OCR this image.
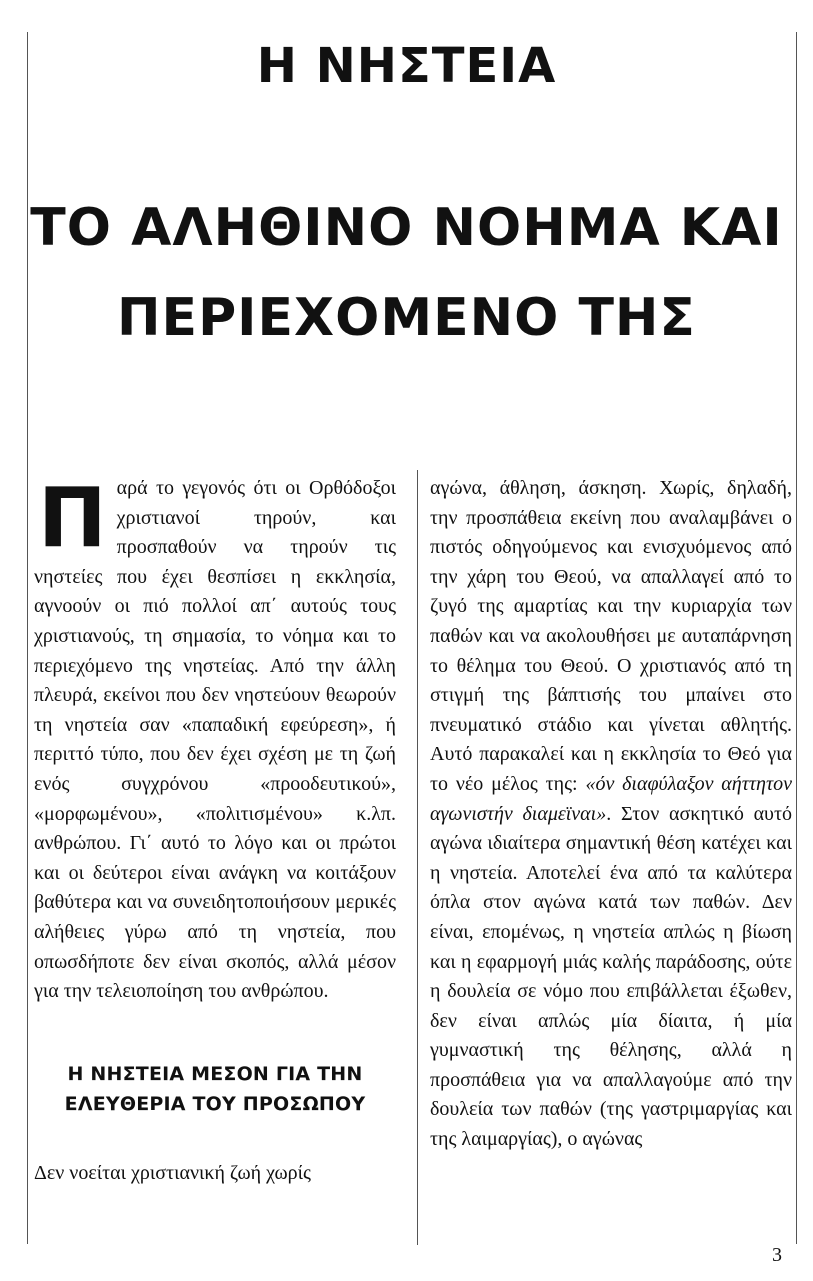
Η ΝΗΣΤΕΙΑ
ΤΟ ΑΛΗΘΙΝΟ ΝΟΗΜΑ ΚΑΙ
ΠΕΡΙΕΧΟΜΕΝΟ ΤΗΣ

Παρά το γεγονός ότι οι Ορθόδοξοι χριστιανοί τηρούν, και προσπαθούν να τηρούν τις νηστείες που έχει θεσπίσει η εκκλησία, αγνοούν οι πιό πολλοί απ΄ αυτούς τους χριστιανούς, τη σημασία, το νόημα και το περιεχόμενο της νηστείας. Από την άλλη πλευρά, εκείνοι που δεν νηστεύουν θεωρούν τη νηστεία σαν «παπαδική εφεύρεση», ή περιττό τύπο, που δεν έχει σχέση με τη ζωή ενός συγχρόνου «προοδευτικού», «μορφωμένου», «πολιτισμένου» κ.λπ. ανθρώπου. Γι΄ αυτό το λόγο και οι πρώτοι και οι δεύτεροι είναι ανάγκη να κοιτάξουν βαθύτερα και να συνειδητοποιήσουν μερικές αλήθειες γύρω από τη νηστεία, που οπωσδήποτε δεν είναι σκοπός, αλλά μέσον για την τελειοποίηση του ανθρώπου.

Η ΝΗΣΤΕΙΑ ΜΕΣΟΝ ΓΙΑ ΤΗΝ
ΕΛΕΥΘΕΡΙΑ ΤΟΥ ΠΡΟΣΩΠΟΥ

Δεν νοείται χριστιανική ζωή χωρίς

αγώνα, άθληση, άσκηση. Χωρίς, δηλαδή, την προσπάθεια εκείνη που αναλαμβάνει ο πιστός οδηγούμενος και ενισχυόμενος από την χάρη του Θεού, να απαλλαγεί από το ζυγό της αμαρτίας και την κυριαρχία των παθών και να ακολουθήσει με αυταπάρνηση το θέλημα του Θεού. Ο χριστιανός από τη στιγμή της βάπτισής του μπαίνει στο πνευματικό στάδιο και γίνεται αθλητής. Αυτό παρακαλεί και η εκκλησία το Θεό για το νέο μέλος της: «όν διαφύλαξον αήττητον αγωνιστήν διαμεϊναι». Στον ασκητικό αυτό αγώνα ιδιαίτερα σημαντική θέση κατέχει και η νηστεία. Αποτελεί ένα από τα καλύτερα όπλα στον αγώνα κατά των παθών. Δεν είναι, επομένως, η νηστεία απλώς η βίωση και η εφαρμογή μιάς καλής παράδοσης, ούτε η δουλεία σε νόμο που επιβάλλεται έξωθεν, δεν είναι απλώς μία δίαιτα, ή μία γυμναστική της θέλησης, αλλά η προσπάθεια για να απαλλαγούμε από την δουλεία των παθών (της γαστριμαργίας και της λαιμαργίας), ο αγώνας

3
